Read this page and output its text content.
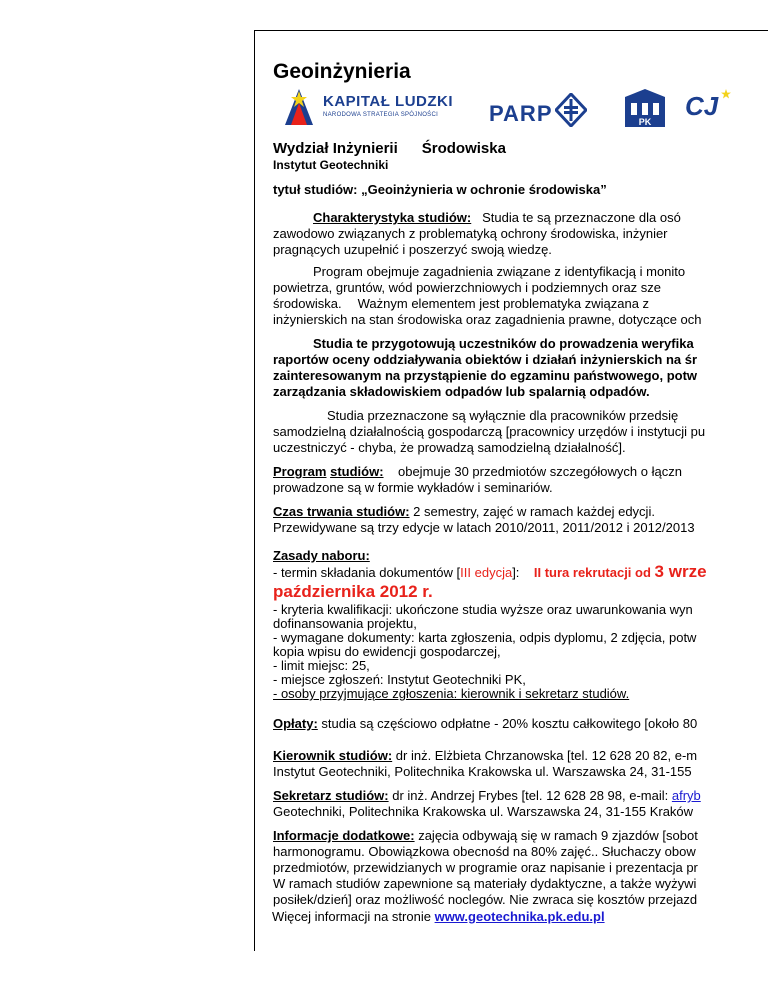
Geoinżynieria
KAPITAŁ LUDZKI
NARODOWA STRATEGIA SPÓJNOŚCI PARP	PK
CJ
Wydział Inżynierii Środowiska
Instytut Geotechniki
tytuł studiów: „Geoinżynieria w ochronie środowiska”
Charakterystyka studiów: Studia te są przeznaczone dla osó
zawodowo związanych z problematyką ochrony środowiska, inżynier
pragnących uzupełnić i poszerzyć swoją wiedzę.
Program obejmuje zagadnienia związane z identyfikacją i monito
powietrza, gruntów, wód powierzchniowych i podziemnych oraz sze
środowiska. Ważnym elementem jest problematyka związana z
inżynierskich na stan środowiska oraz zagadnienia prawne, dotyczące och
Studia te przygotowują uczestników do prowadzenia weryfika
raportów oceny oddziaływania obiektów i działań inżynierskich na śr
zainteresowanym na przystąpienie do egzaminu państwowego, potw
zarządzania składowiskiem odpadów lub spalarnią odpadów.
Studia przeznaczone są wyłącznie dla pracowników przedsię
samodzielną działalnością gospodarczą [pracownicy urzędów i instytucji pu
uczestniczyć - chyba, że prowadzą samodzielną działalność].
Program studiów: obejmuje 30 przedmiotów szczegółowych o łączn
prowadzone są w formie wykładów i seminariów.
Czas trwania studiów: 2 semestry, zajęć w ramach każdej edycji.
Przewidywane są trzy edycje w latach 2010/2011, 2011/2012 i 2012/2013
Zasady naboru:
- termin składania dokumentów [III edycja]: II tura rekrutacji od 3 wrze
października 2012 r.
- kryteria kwalifikacji: ukończone studia wyższe oraz uwarunkowania wyn
dofinansowania projektu,
- wymagane dokumenty: karta zgłoszenia, odpis dyplomu, 2 zdjęcia, potw
kopia wpisu do ewidencji gospodarczej,
- limit miejsc: 25,
- miejsce zgłoszeń: Instytut Geotechniki PK,
- osoby przyjmujące zgłoszenia: kierownik i sekretarz studiów.
Opłaty: studia są częściowo odpłatne - 20% kosztu całkowitego [około 80
Kierownik studiów: dr inż. Elżbieta Chrzanowska [tel. 12 628 20 82, e-m
Instytut Geotechniki, Politechnika Krakowska ul. Warszawska 24, 31-155
Sekretarz studiów: dr inż. Andrzej Frybes [tel. 12 628 28 98, e-mail: afryb
Geotechniki, Politechnika Krakowska ul. Warszawska 24, 31-155 Kraków
Informacje dodatkowe: zajęcia odbywają się w ramach 9 zjazdów [sobot
harmonogramu. Obowiązkowa obecnośd na 80% zajęć.. Słuchaczy obow
przedmiotów, przewidzianych w programie oraz napisanie i prezentacja pr
W ramach studiów zapewnione są materiały dydaktyczne, a także wyżywi
posiłek/dzień] oraz możliwość noclegów. Nie zwraca się kosztów przejazd
Więcej informacji na stronie www.geotechnika.pk.edu.pl
